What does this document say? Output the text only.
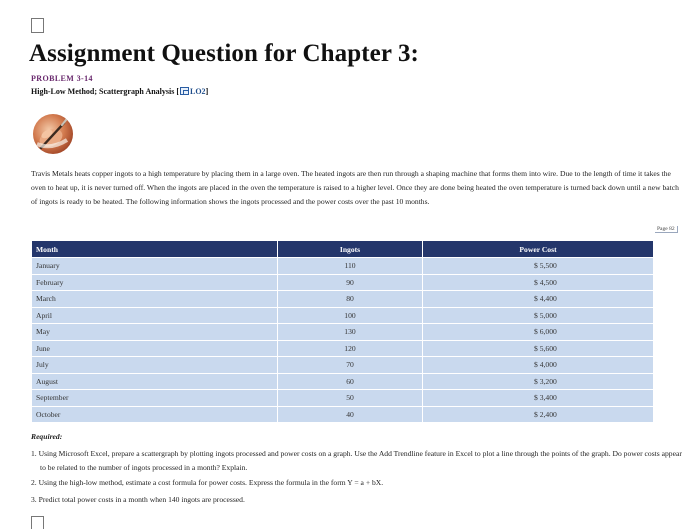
Assignment Question for Chapter 3:
PROBLEM 3-14
High-Low Method; Scattergraph Analysis [ LO2]

Travis Metals heats copper ingots to a high temperature by placing them in a large oven. The heated ingots are then run through a shaping machine that forms them into wire. Due to the length of time it takes the oven to heat up, it is never turned off. When the ingots are placed in the oven the temperature is raised to a higher level. Once they are done being heated the oven temperature is turned back down until a new batch of ingots is ready to be heated. The following information shows the ingots processed and the power costs over the past 10 months.

Page 82
Month	Ingots	Power Cost
January	110	$ 5,500
February	90	$ 4,500
March	80	$ 4,400
April	100	$ 5,000
May	130	$ 6,000
June	120	$ 5,600
July	70	$ 4,000
August	60	$ 3,200
September	50	$ 3,400
October	40	$ 2,400
Required:

1. Using Microsoft Excel, prepare a scattergraph by plotting ingots processed and power costs on a graph. Use the Add Trendline feature in Excel to plot a line through the points of the graph. Do power costs appear to be related to the number of ingots processed in a month? Explain.

2. Using the high-low method, estimate a cost formula for power costs. Express the formula in the form Y = a + bX.

3. Predict total power costs in a month when 140 ingots are processed.
